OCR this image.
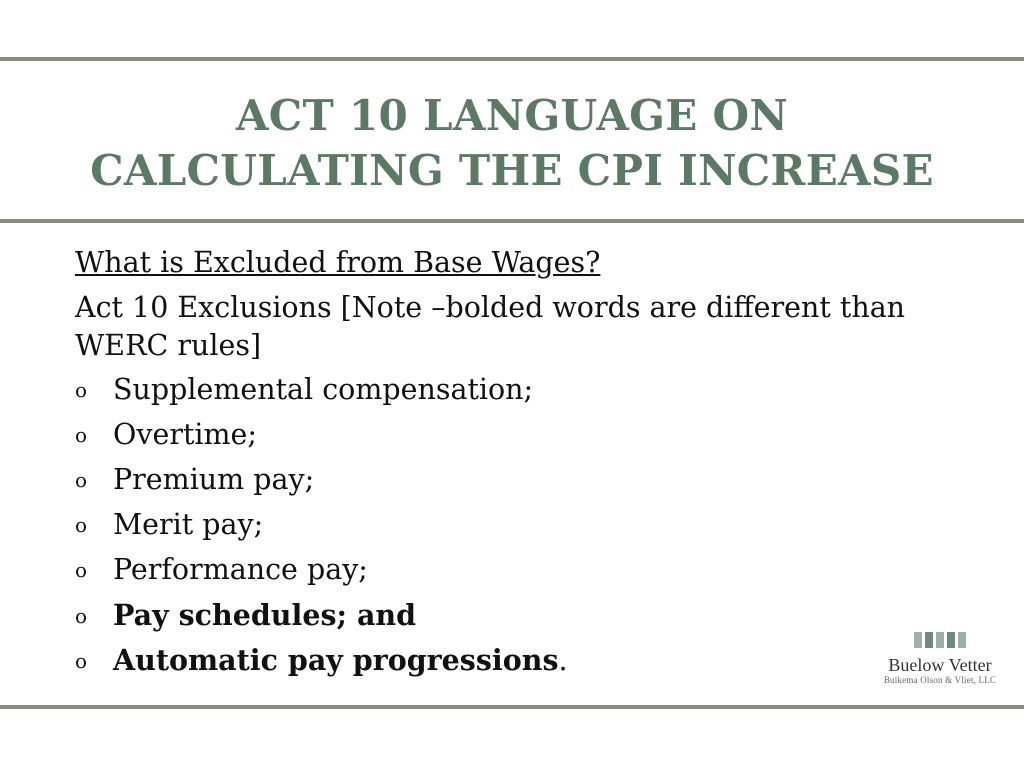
ACT 10 LANGUAGE ON
CALCULATING THE CPI INCREASE
What is Excluded from Base Wages?
Act 10 Exclusions [Note –bolded words are different than WERC rules]
o Supplemental compensation;
o Overtime;
o Premium pay;
o Merit pay;
o Performance pay;
o Pay schedules; and
o Automatic pay progressions.	Buelow Vetter
Buikema Olson & Vliet, LLC
